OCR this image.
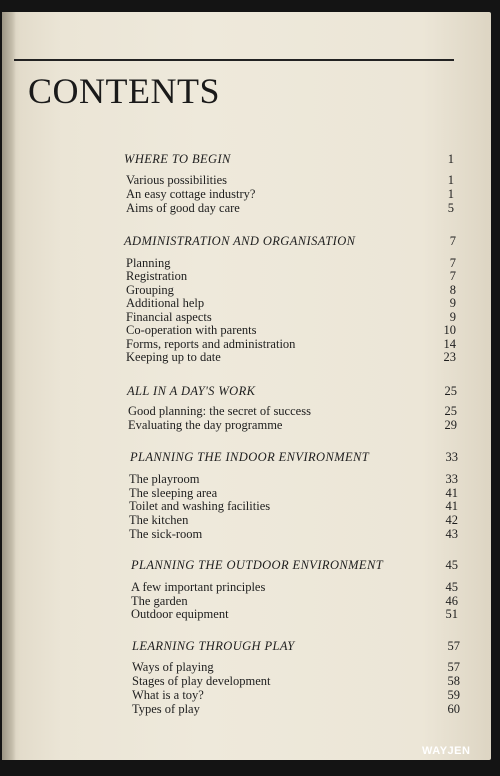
CONTENTS
WHERE TO BEGIN	1
Various possibilities	1
An easy cottage industry?	1
Aims of good day care	5
ADMINISTRATION AND ORGANISATION	7
Planning	7
Registration	7
Grouping	8
Additional help	9
Financial aspects	9
Co-operation with parents	10
Forms, reports and administration	14
Keeping up to date	23
ALL IN A DAY'S WORK	25
Good planning: the secret of success	25
Evaluating the day programme	29
PLANNING THE INDOOR ENVIRONMENT	33
The playroom	33
The sleeping area	41
Toilet and washing facilities	41
The kitchen	42
The sick-room	43
PLANNING THE OUTDOOR ENVIRONMENT	45
A few important principles	45
The garden	46
Outdoor equipment	51
LEARNING THROUGH PLAY	57
Ways of playing	57
Stages of play development	58
What is a toy?	59
Types of play	60
WAYJEN
